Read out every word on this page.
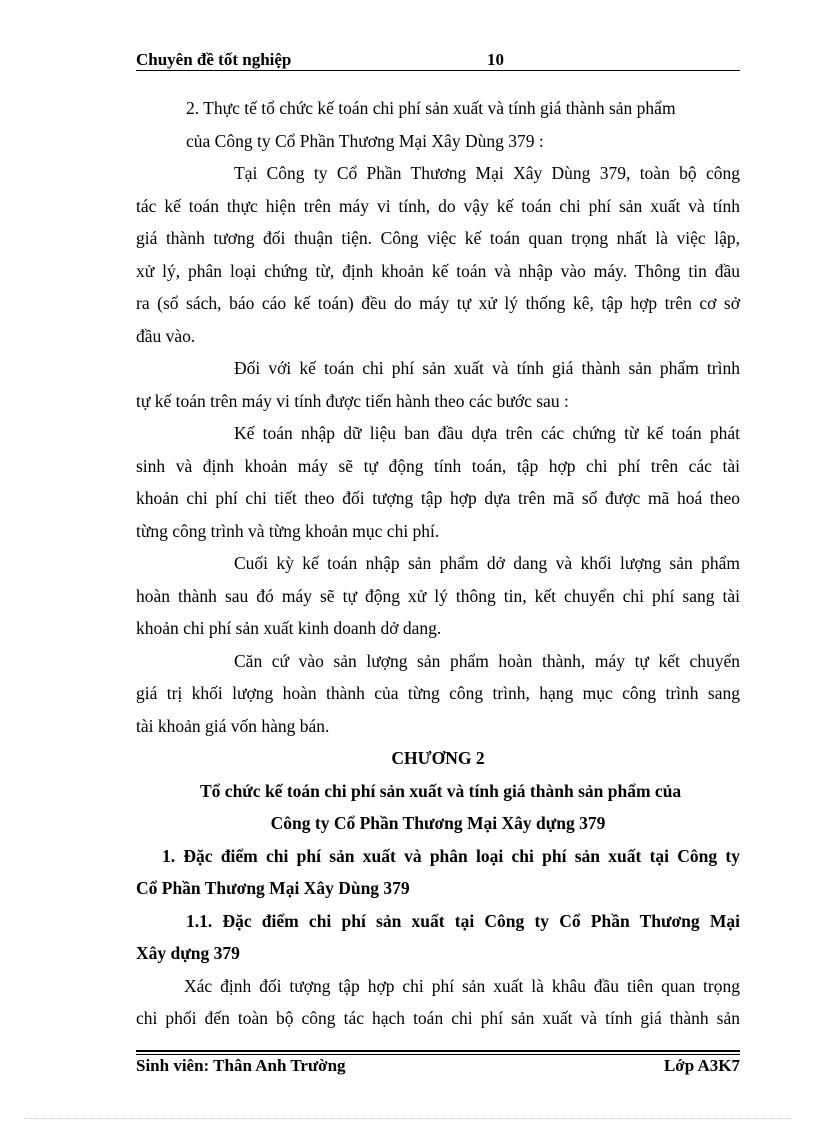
Chuyên đề tốt nghiệp	10
2. Thực tế tổ chức kế toán chi phí sản xuất và tính giá thành sản phẩm
của Công ty Cổ Phần Thương Mại Xây Dùng 379 :
Tại Công ty Cổ Phần Thương Mại Xây Dùng 379, toàn bộ công
tác kế toán thực hiện trên máy vi tính, do vậy kế toán chi phí sản xuất và tính
giá thành tương đối thuận tiện. Công việc kế toán quan trọng nhất là việc lập,
xử lý, phân loại chứng từ, định khoản kế toán và nhập vào máy. Thông tin đầu
ra (sổ sách, báo cáo kế toán) đều do máy tự xử lý thống kê, tập hợp trên cơ sở
đầu vào.
Đối với kế toán chi phí sản xuất và tính giá thành sản phẩm trình
tự kế toán trên máy vi tính được tiến hành theo các bước sau :
Kế toán nhập dữ liệu ban đầu dựa trên các chứng từ kế toán phát
sinh và định khoản máy sẽ tự động tính toán, tập hợp chi phí trên các tài
khoản chi phí chi tiết theo đối tượng tập hợp dựa trên mã số được mã hoá theo
từng công trình và từng khoản mục chi phí.
Cuối kỳ kế toán nhập sản phẩm dở dang và khối lượng sản phẩm
hoàn thành sau đó máy sẽ tự động xử lý thông tin, kết chuyển chi phí sang tài
khoản chi phí sản xuất kinh doanh dở dang.
Căn cứ vào sản lượng sản phẩm hoàn thành, máy tự kết chuyển
giá trị khối lượng hoàn thành của từng công trình, hạng mục công trình sang
tài khoản giá vốn hàng bán.
CHƯƠNG 2
Tổ chức kế toán chi phí sản xuất và tính giá thành sản phẩm của
Công ty Cổ Phần Thương Mại Xây dựng 379
1. Đặc điểm chi phí sản xuất và phân loại chi phí sản xuất tại Công ty
Cổ Phần Thương Mại Xây Dùng 379
1.1. Đặc điểm chi phí sản xuất tại Công ty Cổ Phần Thương Mại
Xây dựng 379
Xác định đối tượng tập hợp chi phí sản xuất là khâu đầu tiên quan trọng
chi phối đến toàn bộ công tác hạch toán chi phí sản xuất và tính giá thành sản
Sinh viên: Thân Anh Trường	Lớp A3K7
